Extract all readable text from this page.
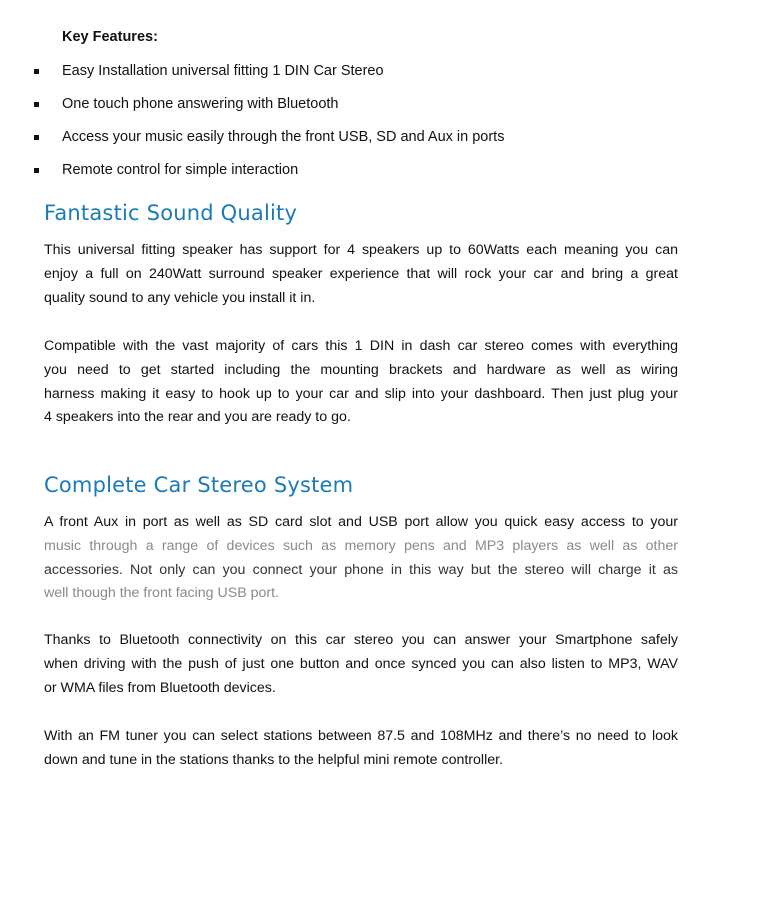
Key Features:
Easy Installation universal fitting 1 DIN Car Stereo
One touch phone answering with Bluetooth
Access your music easily through the front USB, SD and Aux in ports
Remote control for simple interaction
Fantastic Sound Quality
This universal fitting speaker has support for 4 speakers up to 60Watts each meaning you can
enjoy a full on 240Watt surround speaker experience that will rock your car and bring a great
quality sound to any vehicle you install it in.
Compatible with the vast majority of cars this 1 DIN in dash car stereo comes with everything
you need to get started including the mounting brackets and hardware as well as wiring
harness making it easy to hook up to your car and slip into your dashboard. Then just plug your
4 speakers into the rear and you are ready to go.
Complete Car Stereo System
A front Aux in port as well as SD card slot and USB port allow you quick easy access to your
music through a range of devices such as memory pens and MP3 players as well as other
accessories. Not only can you connect your phone in this way but the stereo will charge it as
well though the front facing USB port.
Thanks to Bluetooth connectivity on this car stereo you can answer your Smartphone safely
when driving with the push of just one button and once synced you can also listen to MP3, WAV
or WMA files from Bluetooth devices.
With an FM tuner you can select stations between 87.5 and 108MHz and there’s no need to look
down and tune in the stations thanks to the helpful mini remote controller.
